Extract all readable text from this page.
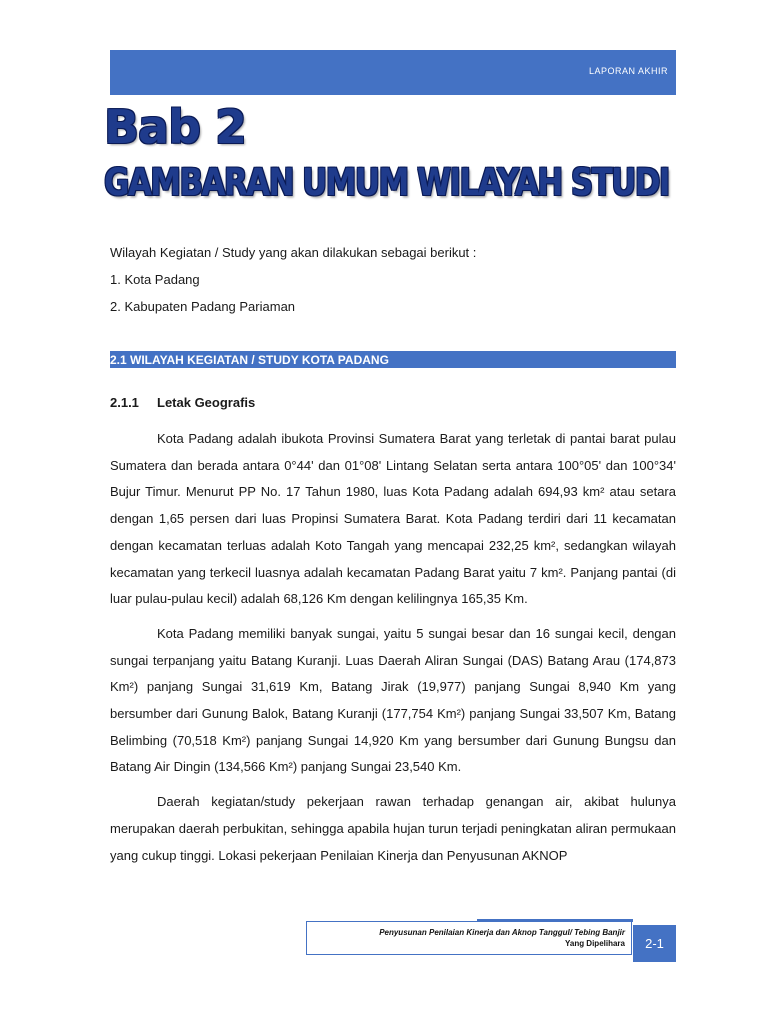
LAPORAN AKHIR
Bab 2
GAMBARAN UMUM WILAYAH STUDI

Wilayah Kegiatan / Study yang akan dilakukan sebagai berikut :

1. Kota Padang

2. Kabupaten Padang Pariaman

2.1 WILAYAH KEGIATAN / STUDY KOTA PADANG
2.1.1 Letak Geografis

Kota Padang adalah ibukota Provinsi Sumatera Barat yang terletak di pantai barat pulau Sumatera dan berada antara 0°44' dan 01°08' Lintang Selatan serta antara 100°05' dan 100°34' Bujur Timur. Menurut PP No. 17 Tahun 1980, luas Kota Padang adalah 694,93 km² atau setara dengan 1,65 persen dari luas Propinsi Sumatera Barat. Kota Padang terdiri dari 11 kecamatan dengan kecamatan terluas adalah Koto Tangah yang mencapai 232,25 km², sedangkan wilayah kecamatan yang terkecil luasnya adalah kecamatan Padang Barat yaitu 7 km². Panjang pantai (di luar pulau-pulau kecil) adalah 68,126 Km dengan kelilingnya 165,35 Km.

Kota Padang memiliki banyak sungai, yaitu 5 sungai besar dan 16 sungai kecil, dengan sungai terpanjang yaitu Batang Kuranji. Luas Daerah Aliran Sungai (DAS) Batang Arau (174,873 Km²) panjang Sungai 31,619 Km, Batang Jirak (19,977) panjang Sungai 8,940 Km yang bersumber dari Gunung Balok, Batang Kuranji (177,754 Km²) panjang Sungai 33,507 Km, Batang Belimbing (70,518 Km²) panjang Sungai 14,920 Km yang bersumber dari Gunung Bungsu dan Batang Air Dingin (134,566 Km²) panjang Sungai 23,540 Km.

Daerah kegiatan/study pekerjaan rawan terhadap genangan air, akibat hulunya merupakan daerah perbukitan, sehingga apabila hujan turun terjadi peningkatan aliran permukaan yang cukup tinggi. Lokasi pekerjaan Penilaian Kinerja dan Penyusunan AKNOP

Penyusunan Penilaian Kinerja dan Aknop Tanggul/ Tebing Banjir
Yang Dipelihara	2-1
